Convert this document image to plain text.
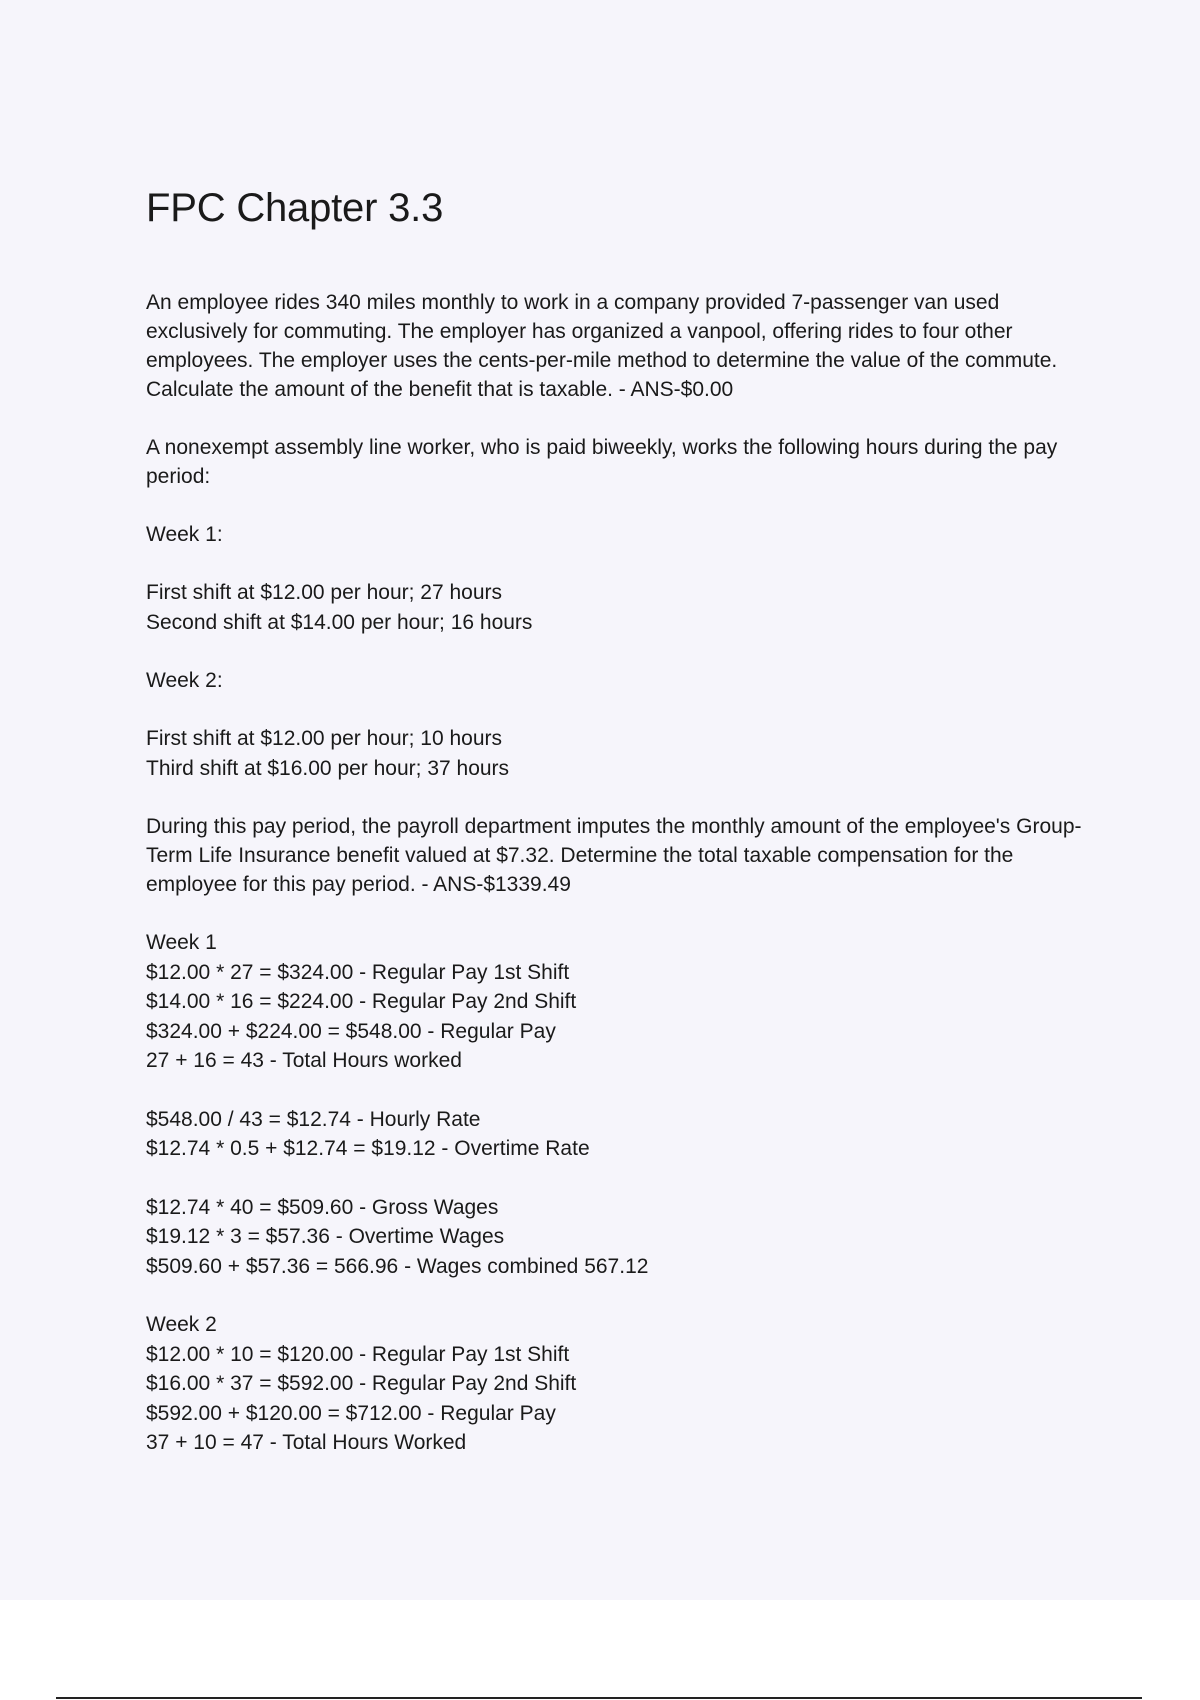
FPC Chapter 3.3

An employee rides 340 miles monthly to work in a company provided 7-passenger van used exclusively for commuting. The employer has organized a vanpool, offering rides to four other employees. The employer uses the cents-per-mile method to determine the value of the commute. Calculate the amount of the benefit that is taxable. - ANS-$0.00

A nonexempt assembly line worker, who is paid biweekly, works the following hours during the pay period:

Week 1:

First shift at $12.00 per hour; 27 hours
Second shift at $14.00 per hour; 16 hours

Week 2:

First shift at $12.00 per hour; 10 hours
Third shift at $16.00 per hour; 37 hours

During this pay period, the payroll department imputes the monthly amount of the employee's Group-Term Life Insurance benefit valued at $7.32. Determine the total taxable compensation for the employee for this pay period. - ANS-$1339.49

Week 1
$12.00 * 27 = $324.00 - Regular Pay 1st Shift
$14.00 * 16 = $224.00 - Regular Pay 2nd Shift
$324.00 + $224.00 = $548.00 - Regular Pay
27 + 16 = 43 - Total Hours worked
$548.00 / 43 = $12.74 - Hourly Rate
$12.74 * 0.5 + $12.74 = $19.12 - Overtime Rate
$12.74 * 40 = $509.60 - Gross Wages
$19.12 * 3 = $57.36 - Overtime Wages
$509.60 + $57.36 = 566.96 - Wages combined 567.12
Week 2
$12.00 * 10 = $120.00 - Regular Pay 1st Shift
$16.00 * 37 = $592.00 - Regular Pay 2nd Shift
$592.00 + $120.00 = $712.00 - Regular Pay
37 + 10 = 47 - Total Hours Worked
